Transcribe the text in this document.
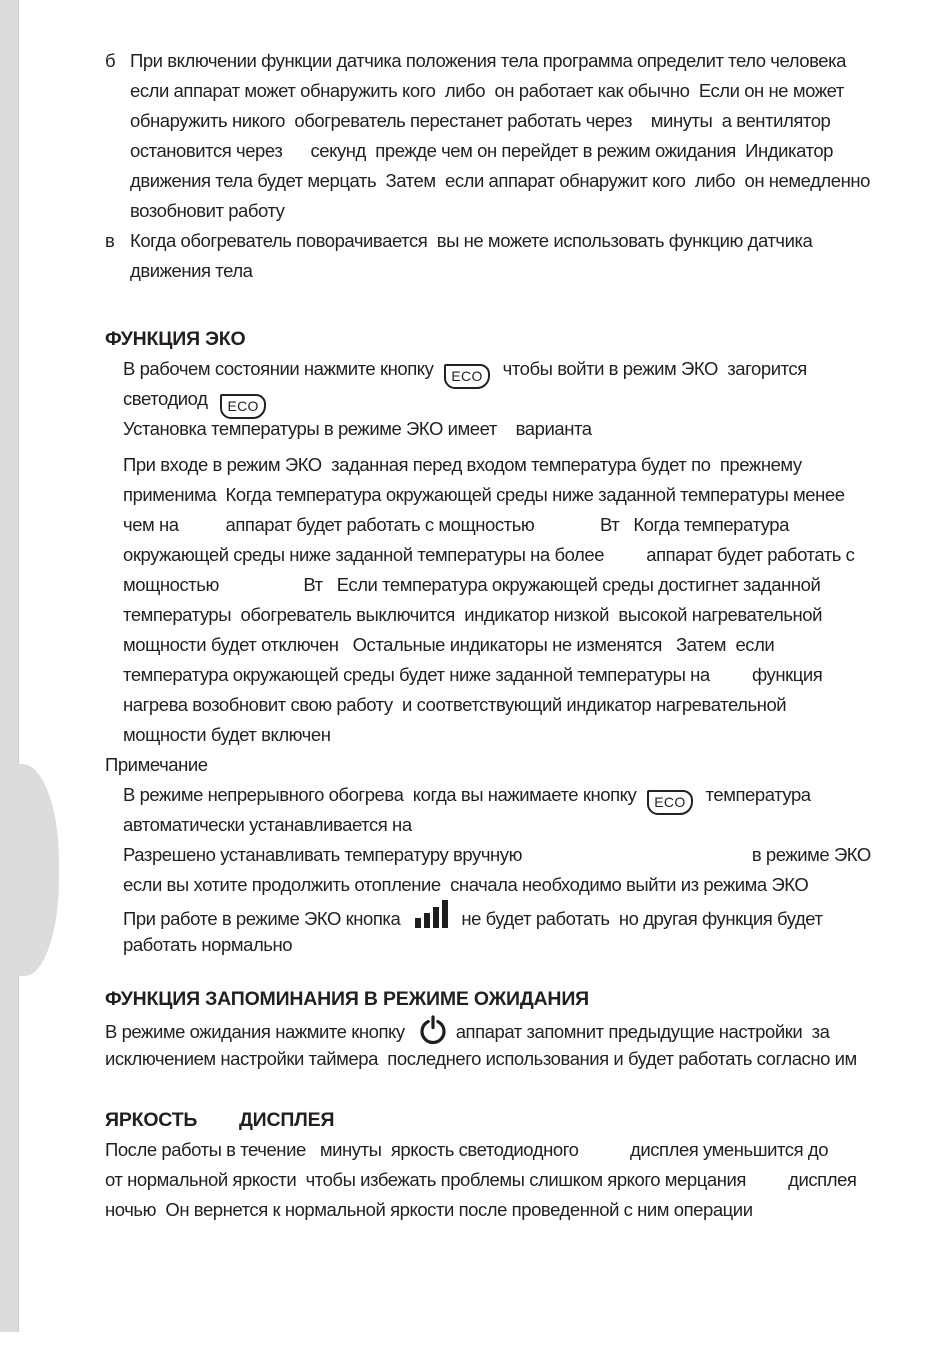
б При включении функции датчика положения тела программа определит тело человека
если аппарат может обнаружить кого  либо  он работает как обычно  Если он не может
обнаружить никого  обогреватель перестанет работать через    минуты  а вентилятор
остановится через      секунд  прежде чем он перейдет в режим ожидания  Индикатор
движения тела будет мерцать  Затем  если аппарат обнаружит кого  либо  он немедленно
возобновит работу
в Когда обогреватель поворачивается  вы не можете использовать функцию датчика
движения тела
ФУНКЦИЯ ЭКО
В рабочем состоянии нажмите кнопку ECO чтобы войти в режим ЭКО  загорится
светодиод ECO
Установка температуры в режиме ЭКО имеет    варианта
При входе в режим ЭКО  заданная перед входом температура будет по  прежнему
применима  Когда температура окружающей среды ниже заданной температуры менее
чем на          аппарат будет работать с мощностью              Вт   Когда температура
окружающей среды ниже заданной температуры на более         аппарат будет работать с
мощностью                  Вт   Если температура окружающей среды достигнет заданной
температуры  обогреватель выключится  индикатор низкой  высокой нагревательной
мощности будет отключен   Остальные индикаторы не изменятся   Затем  если
температура окружающей среды будет ниже заданной температуры на         функция
нагрева возобновит свою работу  и соответствующий индикатор нагревательной
мощности будет включен
Примечание
В режиме непрерывного обогрева  когда вы нажимаете кнопку ECO температура
автоматически устанавливается на
Разрешено устанавливать температуру вручную                                                 в режиме ЭКО
если вы хотите продолжить отопление  сначала необходимо выйти из режима ЭКО
При работе в режиме ЭКО кнопка	не будет работать  но другая функция будет
работать нормально
ФУНКЦИЯ ЗАПОМИНАНИЯ В РЕЖИМЕ ОЖИДАНИЯ
В режиме ожидания нажмите кнопку	аппарат запомнит предыдущие настройки  за
исключением настройки таймера  последнего использования и будет работать согласно им
ЯРКОСТЬ        ДИСПЛЕЯ
После работы в течение   минуты  яркость светодиодного           дисплея уменьшится до
от нормальной яркости  чтобы избежать проблемы слишком яркого мерцания         дисплея
ночью  Он вернется к нормальной яркости после проведенной с ним операции
